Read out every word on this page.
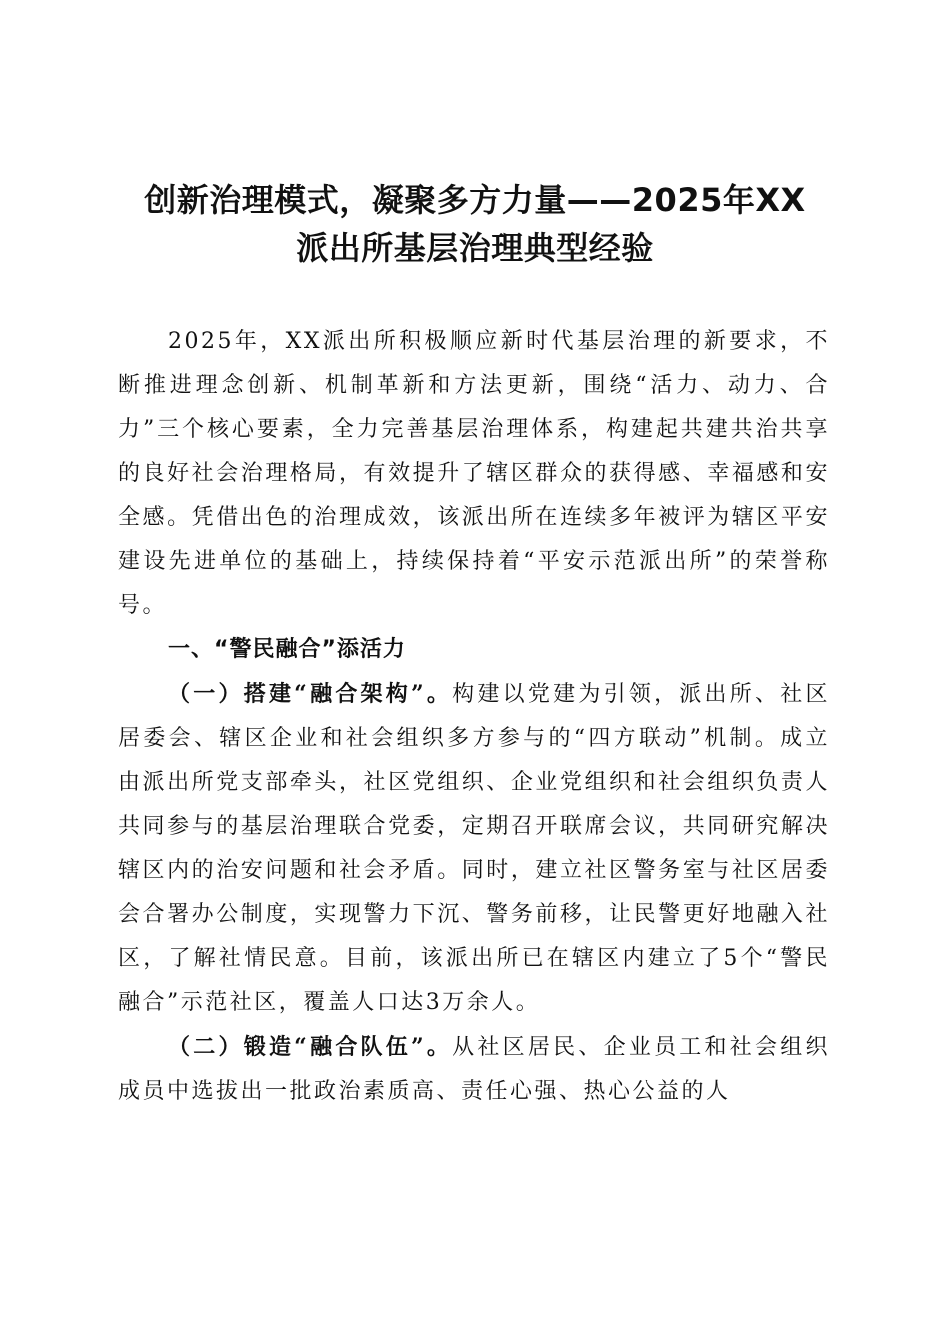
创新治理模式，凝聚多方力量——2025年XX
派出所基层治理典型经验

2025年，XX派出所积极顺应新时代基层治理的新要求，不断推进理念创新、机制革新和方法更新，围绕“活力、动力、合力”三个核心要素，全力完善基层治理体系，构建起共建共治共享的良好社会治理格局，有效提升了辖区群众的获得感、幸福感和安全感。凭借出色的治理成效，该派出所在连续多年被评为辖区平安建设先进单位的基础上，持续保持着“平安示范派出所”的荣誉称号。

一、“警民融合”添活力

（一）搭建“融合架构”。构建以党建为引领，派出所、社区居委会、辖区企业和社会组织多方参与的“四方联动”机制。成立由派出所党支部牵头，社区党组织、企业党组织和社会组织负责人共同参与的基层治理联合党委，定期召开联席会议，共同研究解决辖区内的治安问题和社会矛盾。同时，建立社区警务室与社区居委会合署办公制度，实现警力下沉、警务前移，让民警更好地融入社区，了解社情民意。目前，该派出所已在辖区内建立了5个“警民融合”示范社区，覆盖人口达3万余人。

（二）锻造“融合队伍”。从社区居民、企业员工和社会组织成员中选拔出一批政治素质高、责任心强、热心公益的人
